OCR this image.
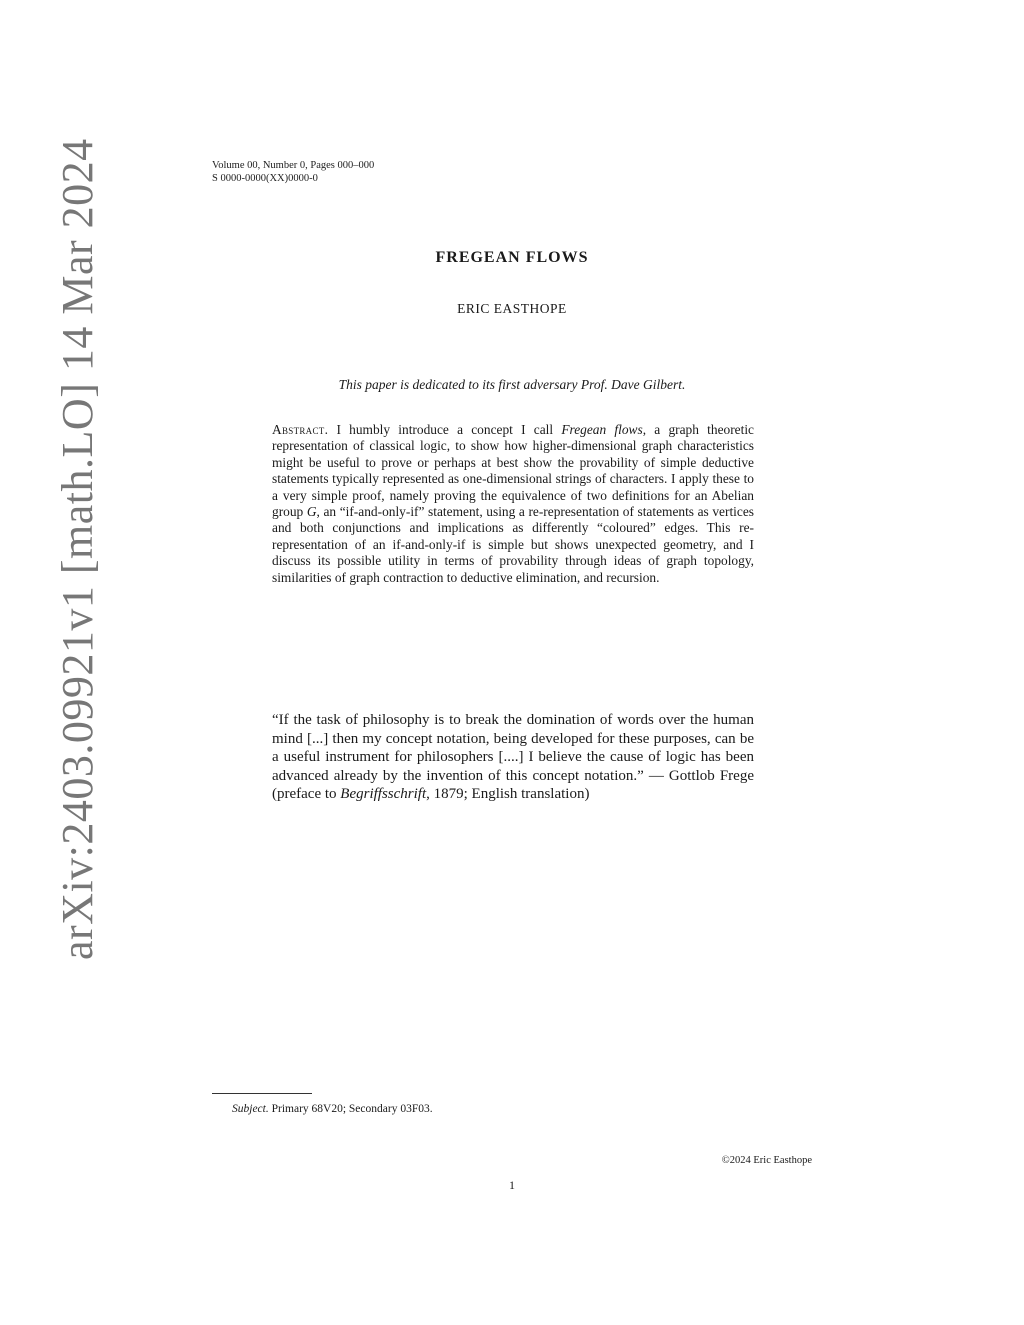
arXiv:2403.09921v1 [math.LO] 14 Mar 2024	Volume 00, Number 0, Pages 000–000
S 0000-0000(XX)0000-0
FREGEAN FLOWS
ERIC EASTHOPE
This paper is dedicated to its first adversary Prof. Dave Gilbert.
Abstract. I humbly introduce a concept I call Fregean flows, a graph theoretic representation of classical logic, to show how higher-dimensional graph characteristics might be useful to prove or perhaps at best show the provability of simple deductive statements typically represented as one-dimensional strings of characters. I apply these to a very simple proof, namely proving the equivalence of two definitions for an Abelian group G, an “if-and-only-if” statement, using a re-representation of statements as vertices and both conjunctions and implications as differently “coloured” edges. This re-representation of an if-and-only-if is simple but shows unexpected geometry, and I discuss its possible utility in terms of provability through ideas of graph topology, similarities of graph contraction to deductive elimination, and recursion.
“If the task of philosophy is to break the domination of words over the human mind [...] then my concept notation, being developed for these purposes, can be a useful instrument for philosophers [....] I believe the cause of logic has been advanced already by the invention of this concept notation.” — Gottlob Frege (preface to Begriffsschrift, 1879; English translation)
Subject. Primary 68V20; Secondary 03F03.
©2024 Eric Easthope
1
